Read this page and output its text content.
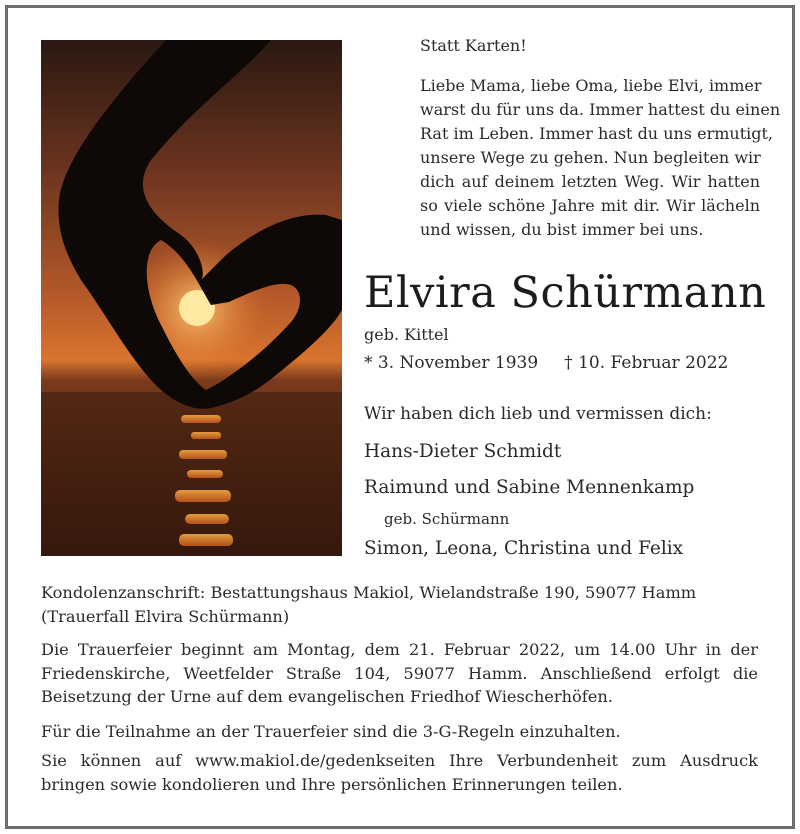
Statt Karten!
Liebe Mama, liebe Oma, liebe Elvi, immer
warst du für uns da. Immer hattest du einen
Rat im Leben. Immer hast du uns ermutigt,
unsere Wege zu gehen. Nun begleiten wir
dich auf deinem letzten Weg. Wir hatten
so viele schöne Jahre mit dir. Wir lächeln
und wissen, du bist immer bei uns.
Elvira Schürmann
geb. Kittel
* 3. November 1939 † 10. Februar 2022
Wir haben dich lieb und vermissen dich:
Hans-Dieter Schmidt
Raimund und Sabine Mennenkamp
geb. Schürmann
Simon, Leona, Christina und Felix
Kondolenzanschrift: Bestattungshaus Makiol, Wielandstraße 190, 59077 Hamm
(Trauerfall Elvira Schürmann)
Die Trauerfeier beginnt am Montag, dem 21. Februar 2022, um 14.00 Uhr in der
Friedenskirche, Weetfelder Straße 104, 59077 Hamm. Anschließend erfolgt die
Beisetzung der Urne auf dem evangelischen Friedhof Wiescherhöfen.
Für die Teilnahme an der Trauerfeier sind die 3-G-Regeln einzuhalten.
Sie können auf www.makiol.de/gedenkseiten Ihre Verbundenheit zum Ausdruck
bringen sowie kondolieren und Ihre persönlichen Erinnerungen teilen.
